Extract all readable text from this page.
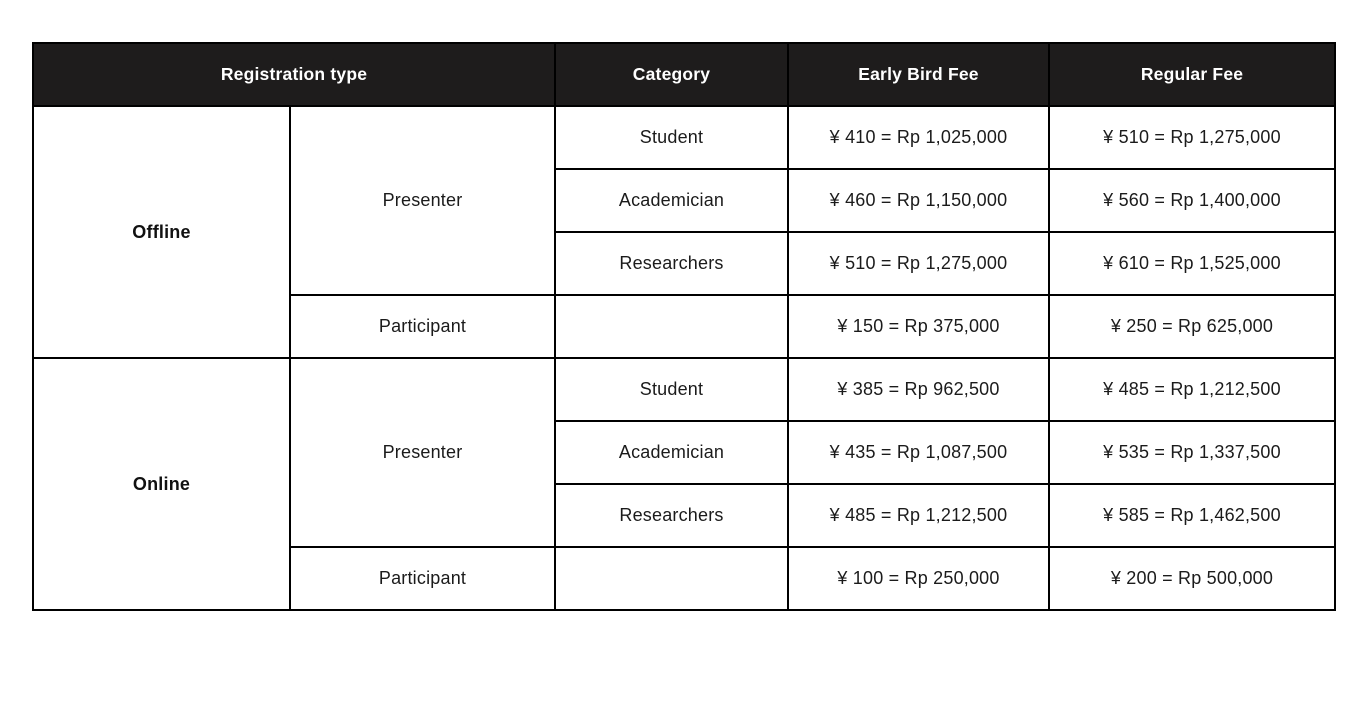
Registration type		Category	Early Bird Fee	Regular Fee
Offline	Presenter	Student	¥ 410 = Rp 1,025,000	¥ 510 = Rp 1,275,000
		Academician	¥ 460 = Rp 1,150,000	¥ 560 = Rp 1,400,000
		Researchers	¥ 510 = Rp 1,275,000	¥ 610 = Rp 1,525,000
	Participant		¥ 150 = Rp 375,000	¥ 250 = Rp 625,000
Online	Presenter	Student	¥ 385 = Rp 962,500	¥ 485 = Rp 1,212,500
		Academician	¥ 435 = Rp 1,087,500	¥ 535 = Rp 1,337,500
		Researchers	¥ 485 = Rp 1,212,500	¥ 585 = Rp 1,462,500
	Participant		¥ 100 = Rp 250,000	¥ 200 = Rp 500,000
